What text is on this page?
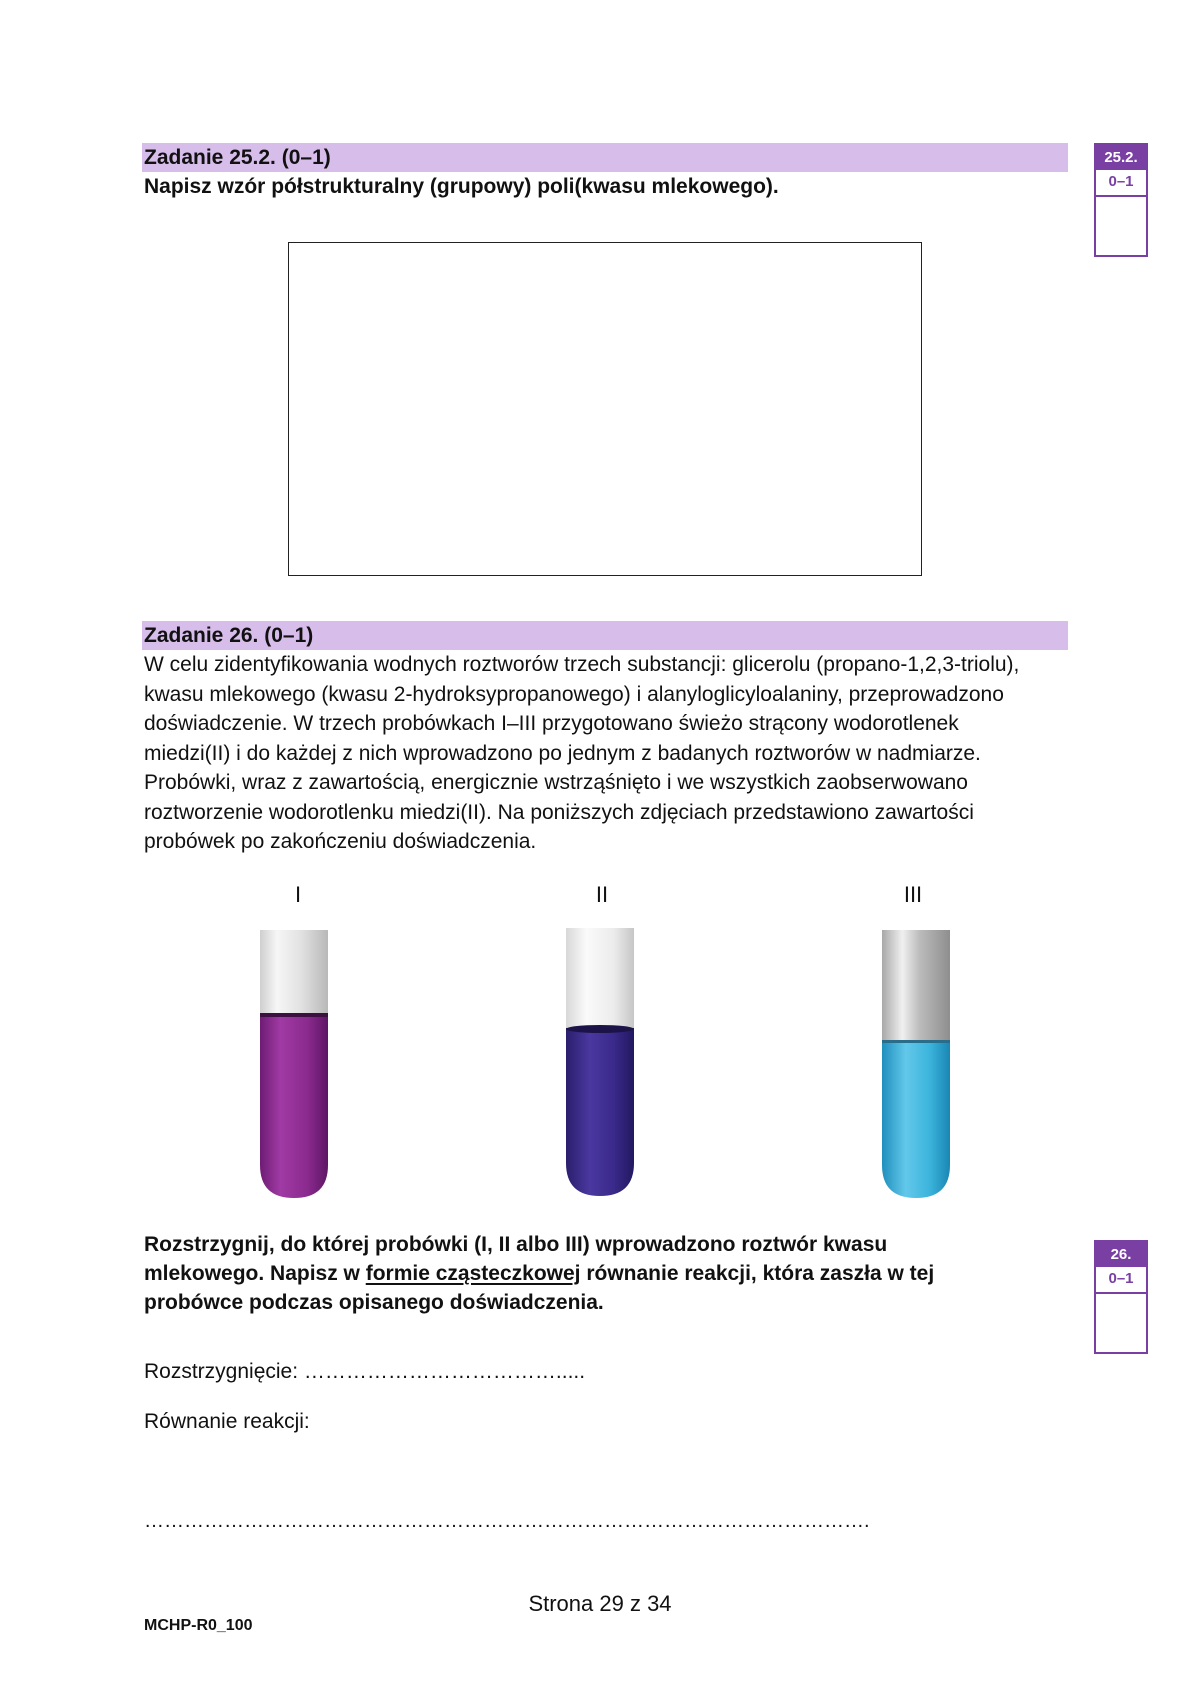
Zadanie 25.2. (0–1)
Napisz wzór półstrukturalny (grupowy) poli(kwasu mlekowego).
25.2.
0–1
Zadanie 26. (0–1)
W celu zidentyfikowania wodnych roztworów trzech substancji: glicerolu (propano-1,2,3-triolu),
kwasu mlekowego (kwasu 2-hydroksypropanowego) i alanyloglicyloalaniny, przeprowadzono
doświadczenie. W trzech probówkach I–III przygotowano świeżo strącony wodorotlenek
miedzi(II) i do każdej z nich wprowadzono po jednym z badanych roztworów w nadmiarze.
Probówki, wraz z zawartością, energicznie wstrząśnięto i we wszystkich zaobserwowano
roztworzenie wodorotlenku miedzi(II). Na poniższych zdjęciach przedstawiono zawartości
probówek po zakończeniu doświadczenia.
I	II	III
Rozstrzygnij, do której probówki (I, II albo III) wprowadzono roztwór kwasu
mlekowego. Napisz w formie cząsteczkowej równanie reakcji, która zaszła w tej
probówce podczas opisanego doświadczenia.
26.
0–1
Rozstrzygnięcie: ……………………………….....
Równanie reakcji:
……………………………………………………………………………………………….
Strona 29 z 34
MCHP-R0_100
